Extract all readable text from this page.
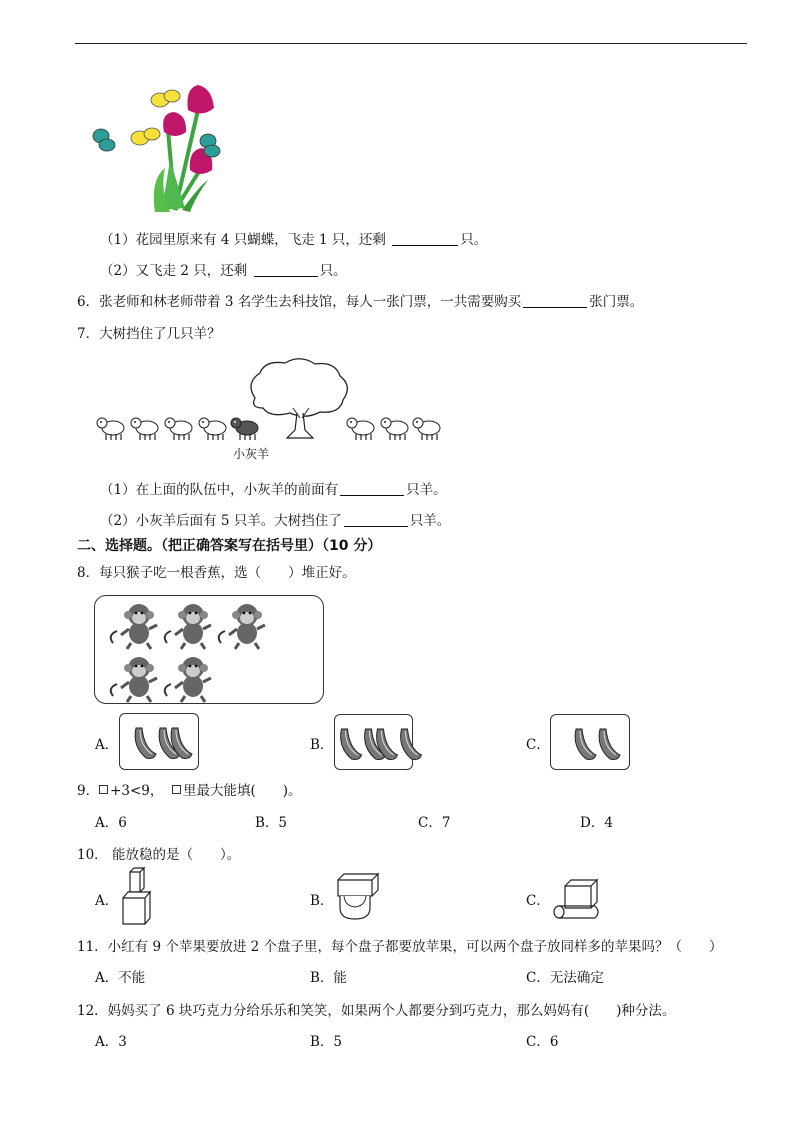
（1）花园里原来有 4 只蝴蝶，飞走 1 只，还剩	只。
（2）又飞走 2 只，还剩	只。
6．张老师和林老师带着 3 名学生去科技馆，每人一张门票，一共需要购买	张门票。
7．大树挡住了几只羊？
小灰羊
（1）在上面的队伍中，小灰羊的前面有	只羊。
（2）小灰羊后面有 5 只羊。大树挡住了	只羊。
二、选择题。（把正确答案写在括号里）（10 分）
8．每只猴子吃一根香蕉，选（　　）堆正好。
A．	B．	C．
9． +3<9， 里最大能填(　　)。
A．6	B．5	C．7	D．4
10． 能放稳的是（　　）。
A．	B．	C．
11．小红有 9 个苹果要放进 2 个盘子里，每个盘子都要放苹果，可以两个盘子放同样多的苹果吗？（　　）
A．不能	B．能	C．无法确定
12．妈妈买了 6 块巧克力分给乐乐和笑笑，如果两个人都要分到巧克力，那么妈妈有(　　)种分法。
A．3	B．5	C．6
